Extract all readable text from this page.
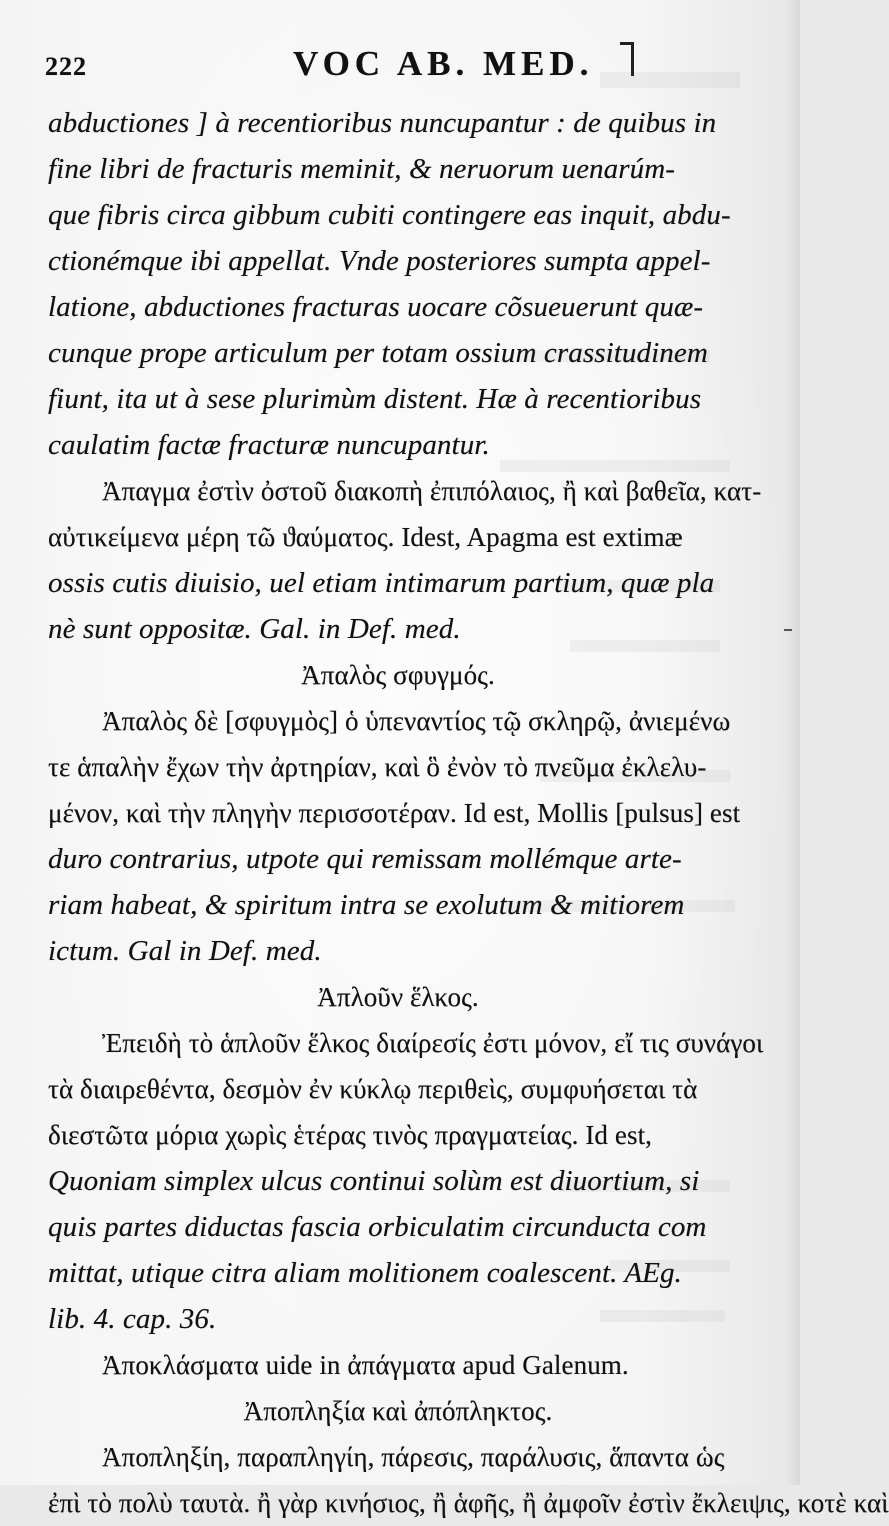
222	VOC AB. MED.
abductiones ] à recentioribus nuncupantur : de quibus in
fine libri de fracturis meminit, & neruorum uenarúm-
que fibris circa gibbum cubiti contingere eas inquit, abdu-
ctionémque ibi appellat. Vnde posteriores sumpta appel-
latione, abductiones fracturas uocare cõsueuerunt quæ-
cunque prope articulum per totam ossium crassitudinem
fiunt, ita ut à sese plurimùm distent. Hæ à recentioribus
caulatim factæ fracturæ nuncupantur.
Ἀπαγμα ἐστὶν ὀστοῦ διακοπὴ ἐπιπόλαιος, ἢ καὶ βαθεῖα, κατ-
αὐτικείμενα μέρη τῶ ϑαύματος. Idest, Apagma est extimæ
ossis cutis diuisio, uel etiam intimarum partium, quæ pla
nè sunt oppositæ. Gal. in Def. med.
Ἀπαλὸς σφυγμός.
Ἀπαλὸς δὲ [σφυγμὸς] ὁ ὑπεναντίος τῷ σκληρῷ, ἀνιεμένω
τε ἁπαλὴν ἔχων τὴν ἀρτηρίαν, καὶ ὃ ἐνὸν τὸ πνεῦμα ἐκλελυ-
μένον, καὶ τὴν πληγὴν περισσοτέραν. Id est, Mollis [pulsus] est
duro contrarius, utpote qui remissam mollémque arte-
riam habeat, & spiritum intra se exolutum & mitiorem
ictum. Gal in Def. med.
Ἀπλοῦν ἕλκος.
Ἐπειδὴ τὸ ἁπλοῦν ἕλκος διαίρεσίς ἐστι μόνον, εἴ τις συνάγοι
τὰ διαιρεθέντα, δεσμὸν ἐν κύκλῳ περιθεὶς, συμφυήσεται τὰ
διεστῶτα μόρια χωρὶς ἑτέρας τινὸς πραγματείας. Id est,
Quoniam simplex ulcus continui solùm est diuortium, si
quis partes diductas fascia orbiculatim circunducta com
mittat, utique citra aliam molitionem coalescent. AEg.
lib. 4. cap. 36.
Ἀποκλάσματα uide in ἀπάγματα apud Galenum.
Ἀποπληξία καὶ ἀπόπληκτος.
Ἀποπληξίη, παραπληγίη, πάρεσις, παράλυσις, ἅπαντα ὡς
ἐπὶ τὸ πολὺ ταυτὰ. ἢ γὰρ κινήσιος, ἢ ἁφῆς, ἢ ἀμφοῖν ἐστὶν ἔκλειψις, κοτὲ καὶ
